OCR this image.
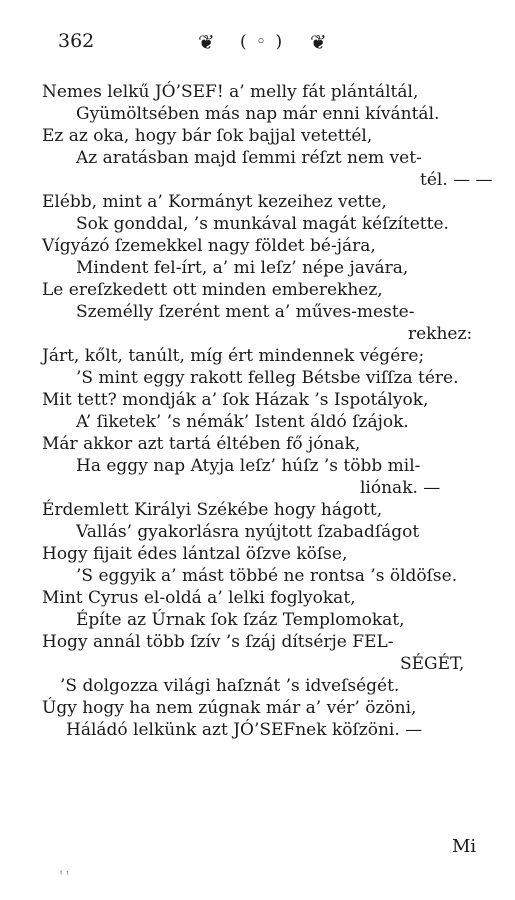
362	❦ ( ◦ ) ❦
Nemes lelkű JÓ’SEF! a’ melly fát plántáltál,
Gyümöltsében más nap már enni kívántál.
Ez az oka, hogy bár ſok bajjal vetettél,
Az aratásban majd ſemmi réſzt nem vet-
tél. — —
Elébb, mint a’ Kormányt kezeihez vette,
Sok gonddal, ’s munkával magát kéſzítette.
Vígyázó ſzemekkel nagy földet bé-jára,
Mindent fel-írt, a’ mi leſz’ népe javára,
Le ereſzkedett ott minden emberekhez,
Személly ſzerént ment a’ műves-meste-
rekhez:
Járt, kőlt, tanúlt, míg ért mindennek végére;
’S mint eggy rakott felleg Bétsbe viſſza tére.
Mit tett? mondják a’ ſok Házak ’s Ispotályok,
A’ ſiketek’ ’s némák’ Istent áldó ſzájok.
Már akkor azt tartá éltében fő jónak,
Ha eggy nap Atyja leſz’ húſz ’s több mil-
liónak. —
Érdemlett Királyi Székébe hogy hágott,
Vallás’ gyakorlásra nyújtott ſzabadſágot
Hogy fijait édes lántzal öſzve köſse,
’S eggyik a’ mást többé ne rontsa ’s öldöſse.
Mint Cyrus el-oldá a’ lelki foglyokat,
Építe az Úrnak ſok ſzáz Templomokat,
Hogy annál több ſzív ’s ſzáj dítsérje FEL-
SÉGÉT,
’S dolgozza világi haſznát ’s idveſségét.
Úgy hogy ha nem zúgnak már a’ vér’ özöni,
Háládó lelkünk azt JÓ’SEFnek köſzöni. —
Mi
ᵗ ᶦ
